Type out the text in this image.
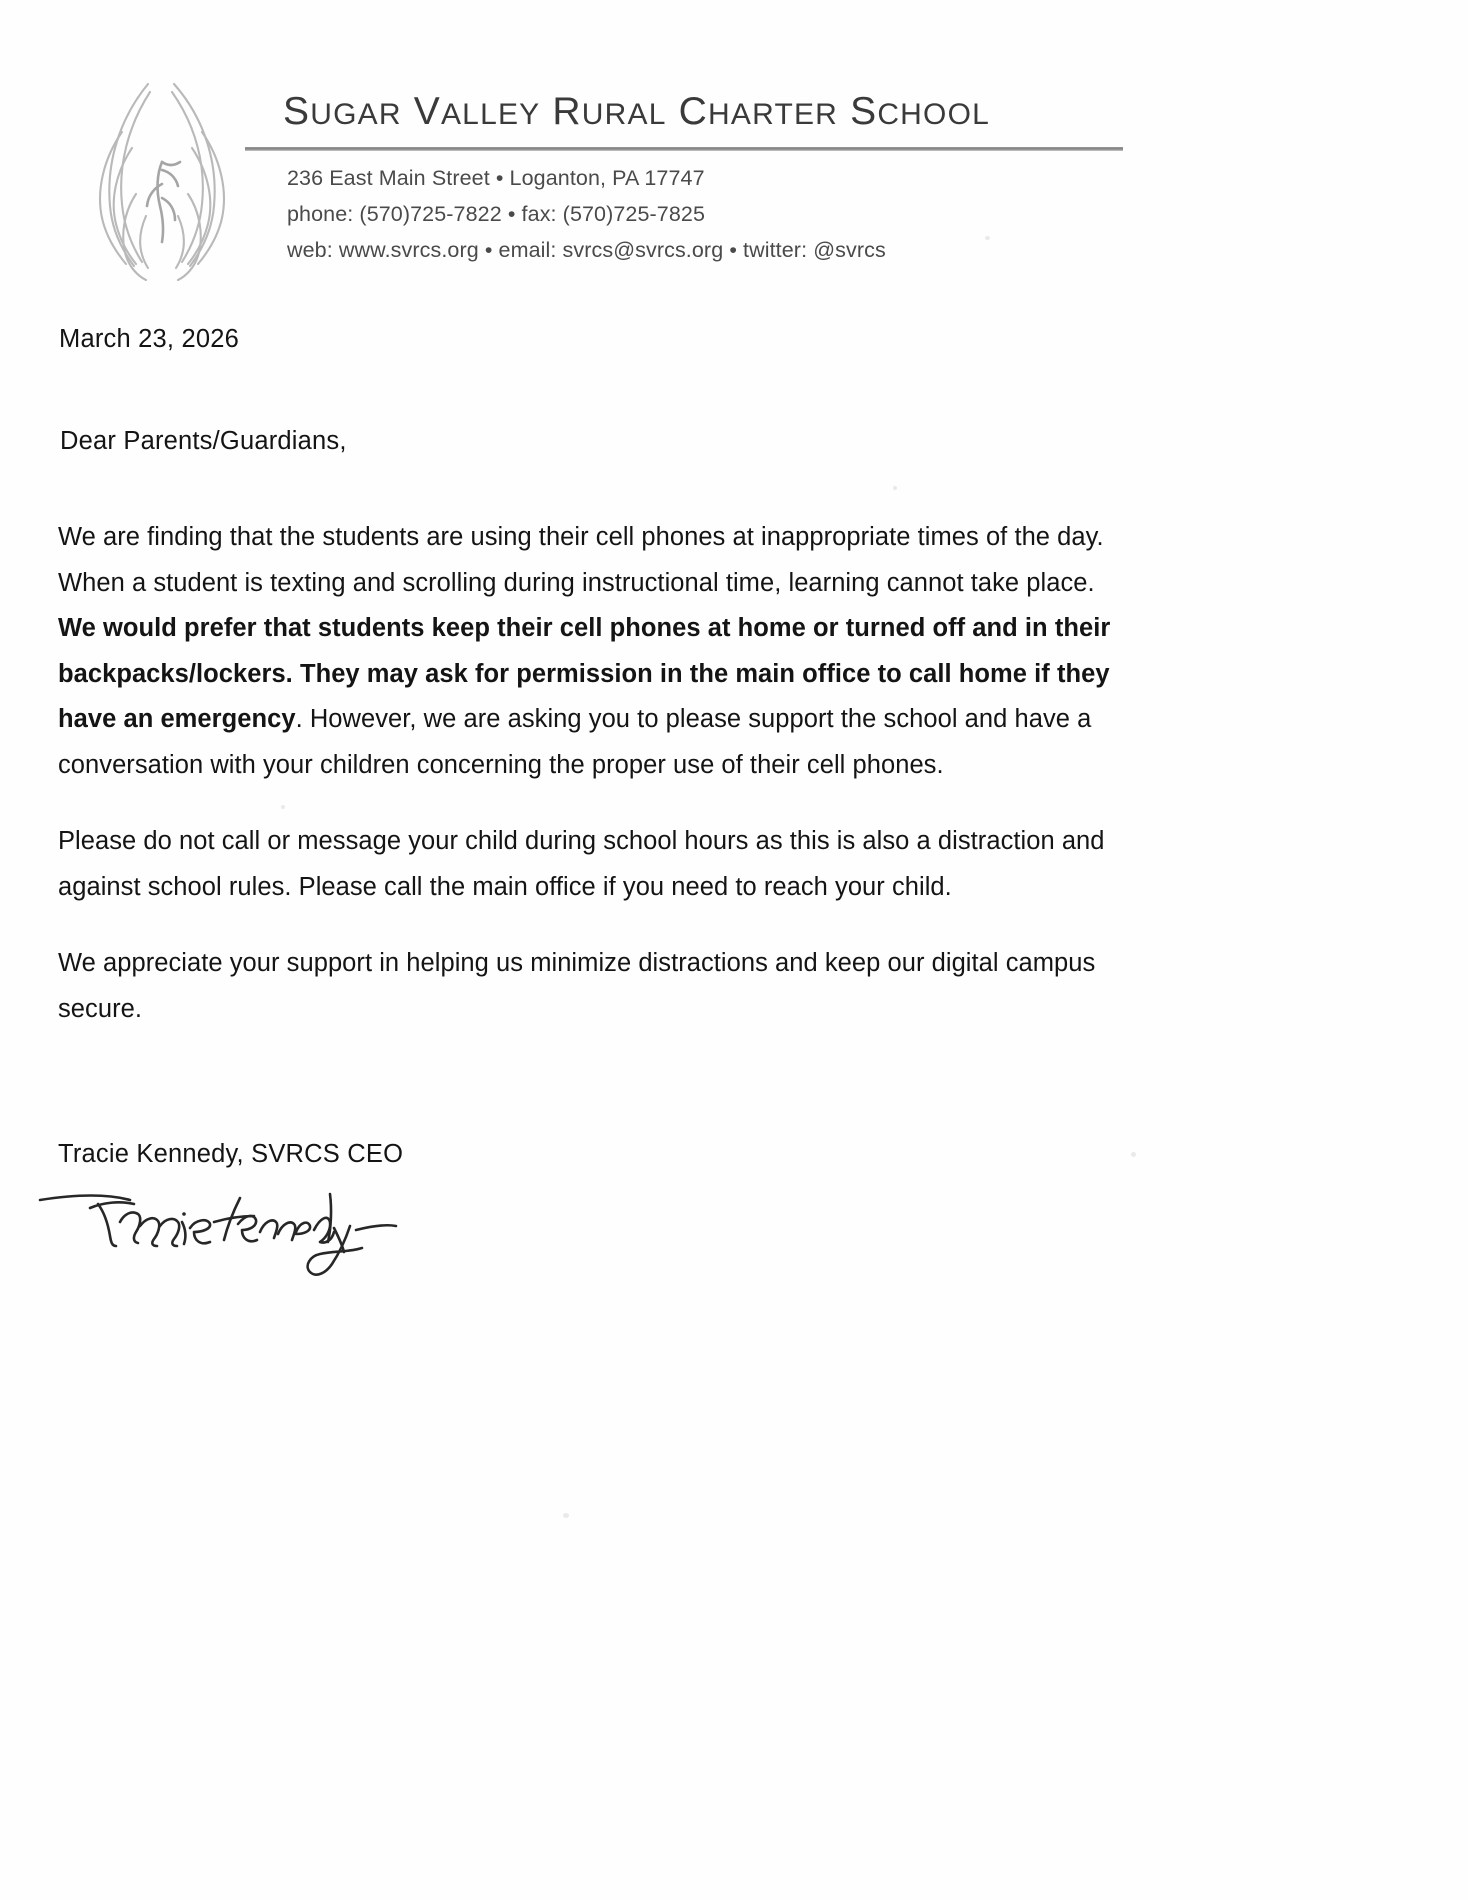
SUGAR VALLEY RURAL CHARTER SCHOOL
236 East Main Street • Loganton, PA 17747
phone: (570)725-7822 • fax: (570)725-7825
web: www.svrcs.org • email: svrcs@svrcs.org • twitter: @svrcs
March 23, 2026
Dear Parents/Guardians,

We are finding that the students are using their cell phones at inappropriate times of the day. When a student is texting and scrolling during instructional time, learning cannot take place. We would prefer that students keep their cell phones at home or turned off and in their backpacks/lockers. They may ask for permission in the main office to call home if they have an emergency. However, we are asking you to please support the school and have a conversation with your children concerning the proper use of their cell phones.

Please do not call or message your child during school hours as this is also a distraction and against school rules. Please call the main office if you need to reach your child.

We appreciate your support in helping us minimize distractions and keep our digital campus secure.

Tracie Kennedy, SVRCS CEO
